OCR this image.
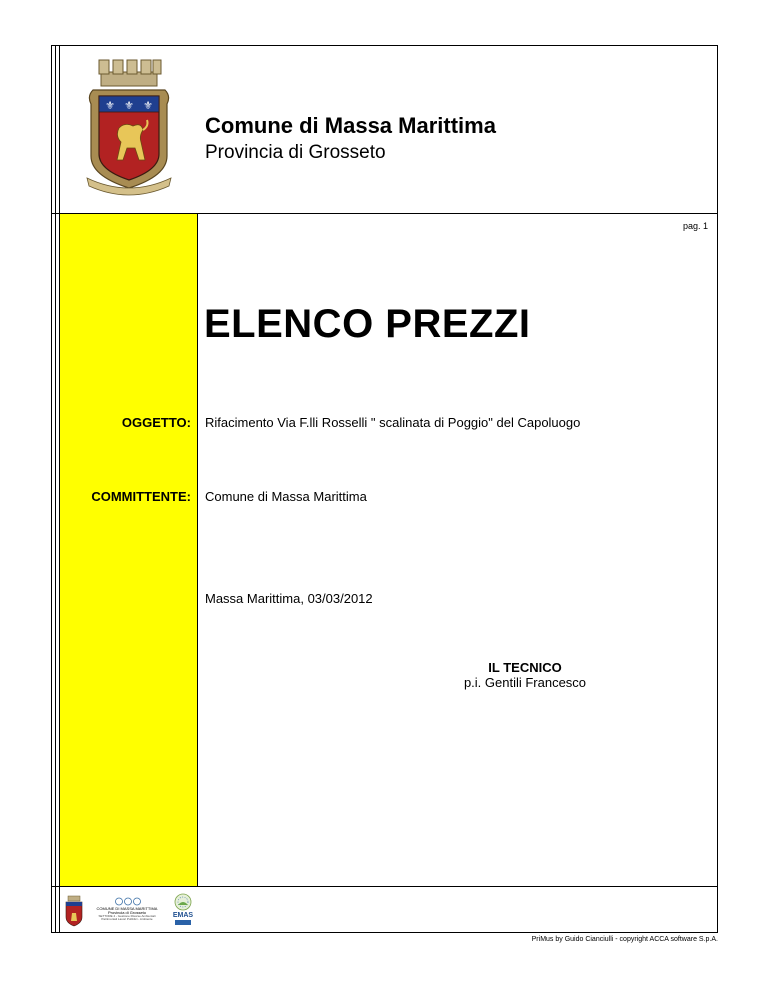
⚜ ⚜ ⚜
Comune di Massa Marittima
Provincia di Grosseto
pag. 1
ELENCO PREZZI
OGGETTO: Rifacimento Via F.lli Rosselli " scalinata di Poggio" del Capoluogo
COMMITTENTE: Comune di Massa Marittima
Massa Marittima, 03/03/2012
IL TECNICO
p.i. Gentili Francesco
COMUNE DI MASSA MARITTIMA
Provincia di Grosseto
SETTORE 4 - Gestione Risorse Ambientali Patrimoniali Lavori Pubblici - Ambiente	EMAS
PriMus by Guido Cianciulli - copyright ACCA software S.p.A.
